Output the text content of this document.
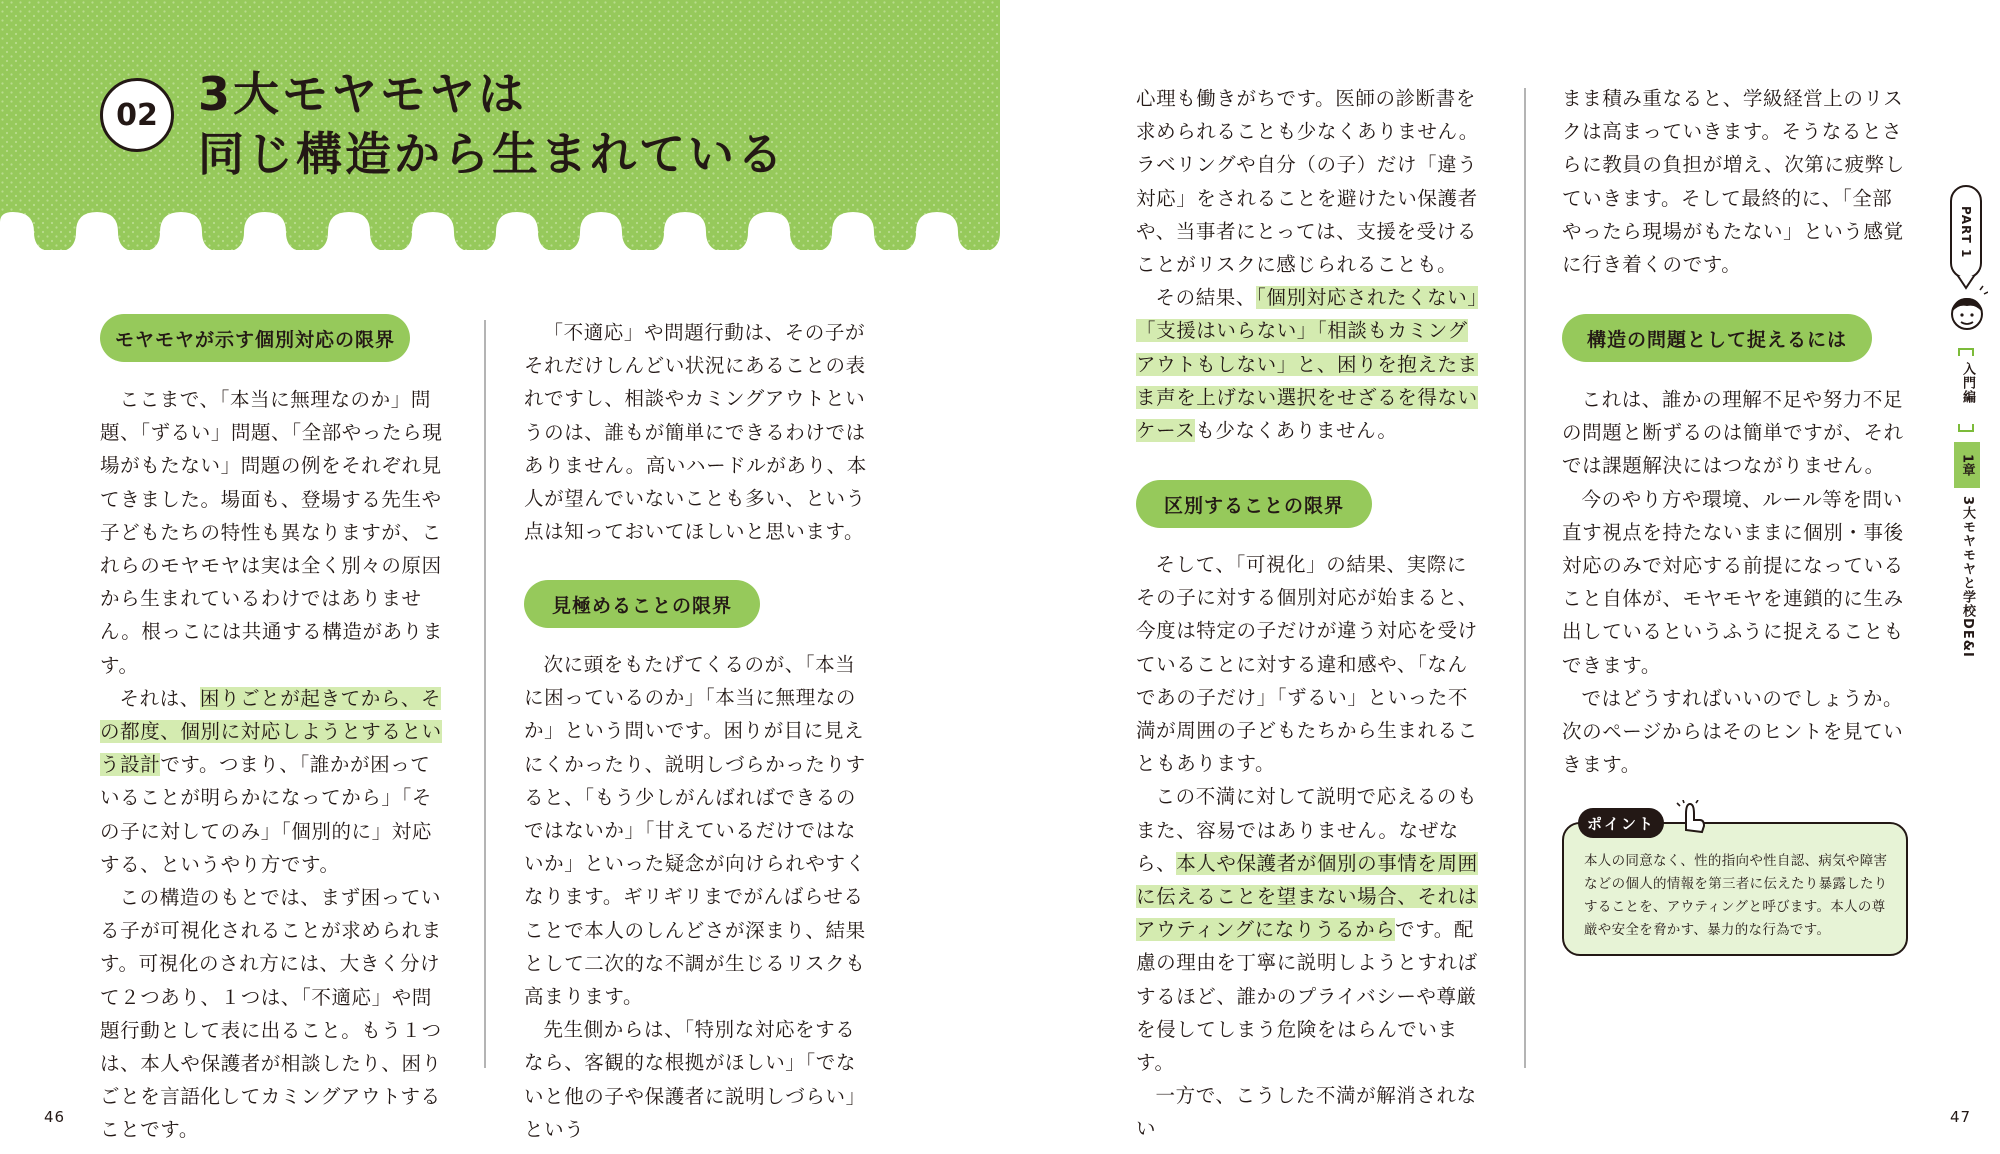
02 3大モヤモヤは
同じ構造から生まれている
モヤモヤが示す個別対応の限界

ここまで、「本当に無理なのか」問題、「ずるい」問題、「全部やったら現場がもたない」問題の例をそれぞれ見てきました。場面も、登場する先生や子どもたちの特性も異なりますが、これらのモヤモヤは実は全く別々の原因から生まれているわけではありません。根っこには共通する構造があります。

それは、困りごとが起きてから、その都度、個別に対応しようとするという設計です。つまり、「誰かが困っていることが明らかになってから」「その子に対してのみ」「個別的に」対応する、というやり方です。

この構造のもとでは、まず困っている子が可視化されることが求められます。可視化のされ方には、大きく分けて２つあり、１つは、「不適応」や問題行動として表に出ること。もう１つは、本人や保護者が相談したり、困りごとを言語化してカミングアウトすることです。

「不適応」や問題行動は、その子がそれだけしんどい状況にあることの表れですし、相談やカミングアウトというのは、誰もが簡単にできるわけではありません。高いハードルがあり、本人が望んでいないことも多い、という点は知っておいてほしいと思います。

見極めることの限界

次に頭をもたげてくるのが、「本当に困っているのか」「本当に無理なのか」という問いです。困りが目に見えにくかったり、説明しづらかったりすると、「もう少しがんばればできるのではないか」「甘えているだけではないか」といった疑念が向けられやすくなります。ギリギリまでがんばらせることで本人のしんどさが深まり、結果として二次的な不調が生じるリスクも高まります。

先生側からは、「特別な対応をするなら、客観的な根拠がほしい」「でないと他の子や保護者に説明しづらい」という

46

心理も働きがちです。医師の診断書を求められることも少なくありません。ラベリングや自分（の子）だけ「違う対応」をされることを避けたい保護者や、当事者にとっては、支援を受けることがリスクに感じられることも。

その結果、「個別対応されたくない」「支援はいらない」「相談もカミングアウトもしない」と、困りを抱えたまま声を上げない選択をせざるを得ないケースも少なくありません。

区別することの限界

そして、「可視化」の結果、実際にその子に対する個別対応が始まると、今度は特定の子だけが違う対応を受けていることに対する違和感や、「なんであの子だけ」「ずるい」といった不満が周囲の子どもたちから生まれることもあります。

この不満に対して説明で応えるのもまた、容易ではありません。なぜなら、本人や保護者が個別の事情を周囲に伝えることを望まない場合、それはアウティングになりうるからです。配慮の理由を丁寧に説明しようとすればするほど、誰かのプライバシーや尊厳を侵してしまう危険をはらんでいます。

一方で、こうした不満が解消されない

まま積み重なると、学級経営上のリスクは高まっていきます。そうなるとさらに教員の負担が増え、次第に疲弊していきます。そして最終的に、「全部やったら現場がもたない」という感覚に行き着くのです。

構造の問題として捉えるには

これは、誰かの理解不足や努力不足の問題と断ずるのは簡単ですが、それでは課題解決にはつながりません。

今のやり方や環境、ルール等を問い直す視点を持たないままに個別・事後対応のみで対応する前提になっていること自体が、モヤモヤを連鎖的に生み出しているというふうに捉えることもできます。

ではどうすればいいのでしょうか。次のページからはそのヒントを見ていきます。

47
本人の同意なく、性的指向や性自認、病気や障害などの個人的情報を第三者に伝えたり暴露したりすることを、アウティングと呼びます。本人の尊厳や安全を脅かす、暴力的な行為です。
ポイント
PART 1
入門編
1章
3大モヤモヤと学校DE&I
